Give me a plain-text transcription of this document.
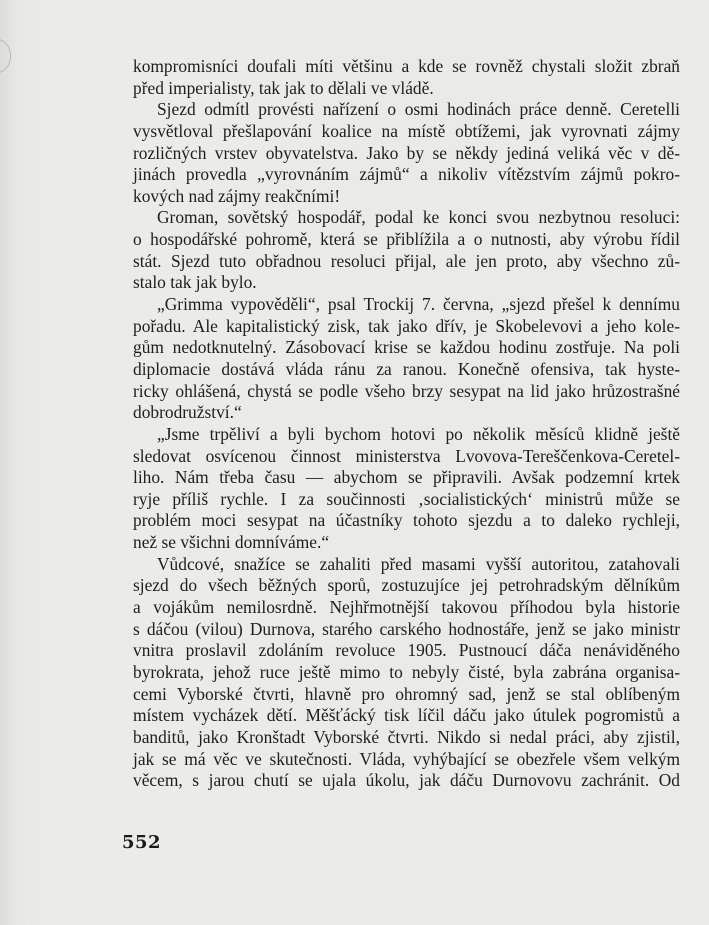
kompromisníci doufali míti většinu a kde se rovněž chystali složit zbraň
před imperialisty, tak jak to dělali ve vládě.
Sjezd odmítl provésti nařízení o osmi hodinách práce denně. Ceretelli
vysvětloval přešlapování koalice na místě obtížemi, jak vyrovnati zájmy
rozličných vrstev obyvatelstva. Jako by se někdy jediná veliká věc v dě-
jinách provedla „vyrovnáním zájmů“ a nikoliv vítězstvím zájmů pokro-
kových nad zájmy reakčními!
Groman, sovětský hospodář, podal ke konci svou nezbytnou resoluci:
o hospodářské pohromě, která se přiblížila a o nutnosti, aby výrobu řídil
stát. Sjezd tuto obřadnou resoluci přijal, ale jen proto, aby všechno zů-
stalo tak jak bylo.
„Grimma vypověděli“, psal Trockij 7. června, „sjezd přešel k dennímu
pořadu. Ale kapitalistický zisk, tak jako dřív, je Skobelevovi a jeho kole-
gům nedotknutelný. Zásobovací krise se každou hodinu zostřuje. Na poli
diplomacie dostává vláda ránu za ranou. Konečně ofensiva, tak hyste-
ricky ohlášená, chystá se podle všeho brzy sesypat na lid jako hrůzostrašné
dobrodružství.“
„Jsme trpěliví a byli bychom hotovi po několik měsíců klidně ještě
sledovat osvícenou činnost ministerstva Lvovova-Tereščenkova-Ceretel-
liho. Nám třeba času — abychom se připravili. Avšak podzemní krtek
ryje příliš rychle. I za součinnosti ‚socialistických‘ ministrů může se
problém moci sesypat na účastníky tohoto sjezdu a to daleko rychleji,
než se všichni domníváme.“
Vůdcové, snažíce se zahaliti před masami vyšší autoritou, zatahovali
sjezd do všech běžných sporů, zostuzujíce jej petrohradským dělníkům
a vojákům nemilosrdně. Nejhřmotnější takovou příhodou byla historie
s dáčou (vilou) Durnova, starého carského hodnostáře, jenž se jako ministr
vnitra proslavil zdoláním revoluce 1905. Pustnoucí dáča nenáviděného
byrokrata, jehož ruce ještě mimo to nebyly čisté, byla zabrána organisa-
cemi Vyborské čtvrti, hlavně pro ohromný sad, jenž se stal oblíbeným
místem vycházek dětí. Měšťácký tisk líčil dáču jako útulek pogromistů a
banditů, jako Kronštadt Vyborské čtvrti. Nikdo si nedal práci, aby zjistil,
jak se má věc ve skutečnosti. Vláda, vyhýbající se obezřele všem velkým
věcem, s jarou chutí se ujala úkolu, jak dáču Durnovovu zachránit. Od
552
